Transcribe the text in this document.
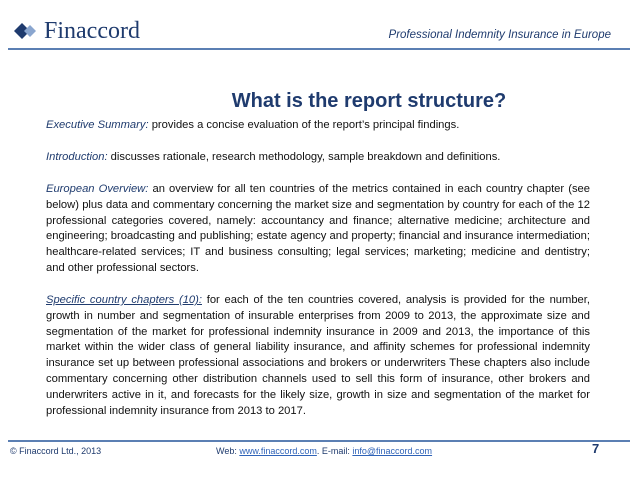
Finaccord	Professional Indemnity Insurance in Europe
What is the report structure?

Executive Summary: provides a concise evaluation of the report’s principal findings.

Introduction: discusses rationale, research methodology, sample breakdown and definitions.

European Overview: an overview for all ten countries of the metrics contained in each country chapter (see below) plus data and commentary concerning the market size and segmentation by country for each of the 12 professional categories covered, namely: accountancy and finance; alternative medicine; architecture and engineering; broadcasting and publishing; estate agency and property; financial and insurance intermediation; healthcare-related services; IT and business consulting; legal services; marketing; medicine and dentistry; and other professional sectors.

Specific country chapters (10): for each of the ten countries covered, analysis is provided for the number, growth in number and segmentation of insurable enterprises from 2009 to 2013, the approximate size and segmentation of the market for professional indemnity insurance in 2009 and 2013, the importance of this market within the wider class of general liability insurance, and affinity schemes for professional indemnity insurance set up between professional associations and brokers or underwriters These chapters also include commentary concerning other distribution channels used to sell this form of insurance, other brokers and underwriters active in it, and forecasts for the likely size, growth in size and segmentation of the market for professional indemnity insurance from 2013 to 2017.

© Finaccord Ltd., 2013	Web: www.finaccord.com. E-mail: info@finaccord.com	7
